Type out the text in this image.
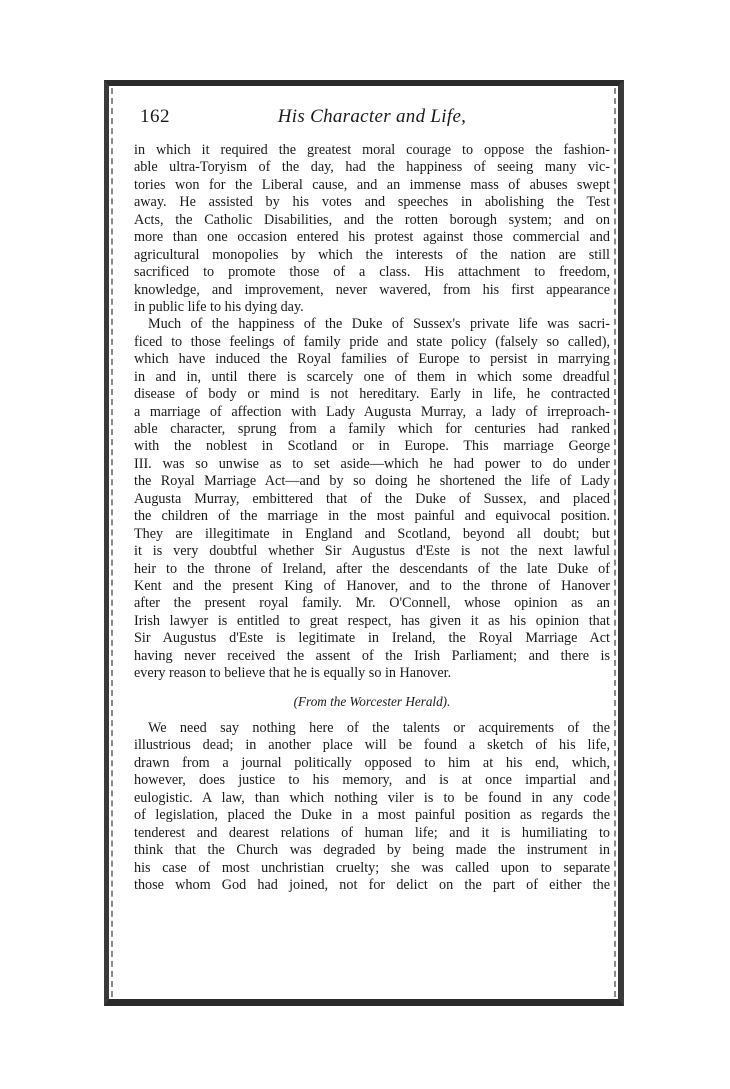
162	His Character and Life,
in which it required the greatest moral courage to oppose the fashion-
able ultra-Toryism of the day, had the happiness of seeing many vic-
tories won for the Liberal cause, and an immense mass of abuses swept
away. He assisted by his votes and speeches in abolishing the Test
Acts, the Catholic Disabilities, and the rotten borough system; and on
more than one occasion entered his protest against those commercial and
agricultural monopolies by which the interests of the nation are still
sacrificed to promote those of a class. His attachment to freedom,
knowledge, and improvement, never wavered, from his first appearance
in public life to his dying day.
Much of the happiness of the Duke of Sussex's private life was sacri-
ficed to those feelings of family pride and state policy (falsely so called),
which have induced the Royal families of Europe to persist in marrying
in and in, until there is scarcely one of them in which some dreadful
disease of body or mind is not hereditary. Early in life, he contracted
a marriage of affection with Lady Augusta Murray, a lady of irreproach-
able character, sprung from a family which for centuries had ranked
with the noblest in Scotland or in Europe. This marriage George
III. was so unwise as to set aside—which he had power to do under
the Royal Marriage Act—and by so doing he shortened the life of Lady
Augusta Murray, embittered that of the Duke of Sussex, and placed
the children of the marriage in the most painful and equivocal position.
They are illegitimate in England and Scotland, beyond all doubt; but
it is very doubtful whether Sir Augustus d'Este is not the next lawful
heir to the throne of Ireland, after the descendants of the late Duke of
Kent and the present King of Hanover, and to the throne of Hanover
after the present royal family. Mr. O'Connell, whose opinion as an
Irish lawyer is entitled to great respect, has given it as his opinion that
Sir Augustus d'Este is legitimate in Ireland, the Royal Marriage Act
having never received the assent of the Irish Parliament; and there is
every reason to believe that he is equally so in Hanover.
(From the Worcester Herald).
We need say nothing here of the talents or acquirements of the
illustrious dead; in another place will be found a sketch of his life,
drawn from a journal politically opposed to him at his end, which,
however, does justice to his memory, and is at once impartial and
eulogistic. A law, than which nothing viler is to be found in any code
of legislation, placed the Duke in a most painful position as regards the
tenderest and dearest relations of human life; and it is humiliating to
think that the Church was degraded by being made the instrument in
his case of most unchristian cruelty; she was called upon to separate
those whom God had joined, not for delict on the part of either the
